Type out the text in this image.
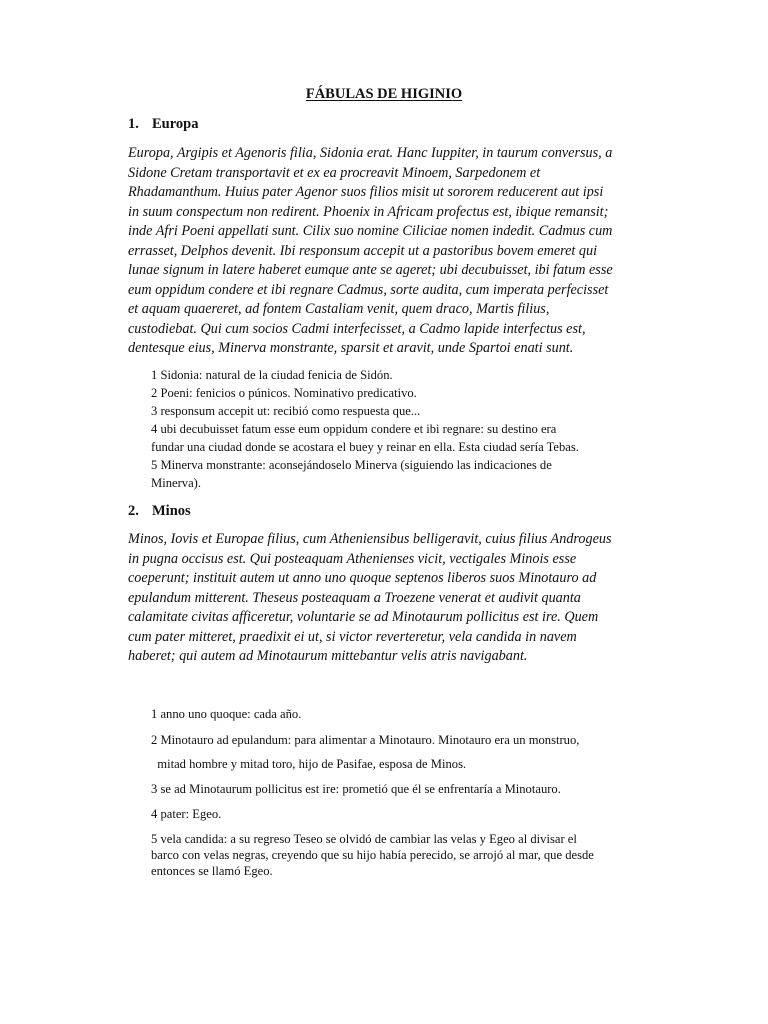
FÁBULAS DE HIGINIO
1. Europa
Europa, Argipis et Agenoris filia, Sidonia erat. Hanc Iuppiter, in taurum conversus, a
Sidone Cretam transportavit et ex ea procreavit Minoem, Sarpedonem et
Rhadamanthum. Huius pater Agenor suos filios misit ut sororem reducerent aut ipsi
in suum conspectum non redirent. Phoenix in Africam profectus est, ibique remansit;
inde Afri Poeni appellati sunt. Cilix suo nomine Ciliciae nomen indedit. Cadmus cum
errasset, Delphos devenit. Ibi responsum accepit ut a pastoribus bovem emeret qui
lunae signum in latere haberet eumque ante se ageret; ubi decubuisset, ibi fatum esse
eum oppidum condere et ibi regnare Cadmus, sorte audita, cum imperata perfecisset
et aquam quaereret, ad fontem Castaliam venit, quem draco, Martis filius,
custodiebat. Qui cum socios Cadmi interfecisset, a Cadmo lapide interfectus est,
dentesque eius, Minerva monstrante, sparsit et aravit, unde Spartoi enati sunt.
1 Sidonia: natural de la ciudad fenicia de Sidón.
2 Poeni: fenicios o púnicos. Nominativo predicativo.
3 responsum accepit ut: recibió como respuesta que...
4 ubi decubuisset fatum esse eum oppidum condere et ibi regnare: su destino era
fundar una ciudad donde se acostara el buey y reinar en ella. Esta ciudad sería Tebas.
5 Minerva monstrante: aconsejándoselo Minerva (siguiendo las indicaciones de
Minerva).
2. Minos
Minos, Iovis et Europae filius, cum Atheniensibus belligeravit, cuius filius Androgeus
in pugna occisus est. Qui posteaquam Athenienses vicit, vectigales Minois esse
coeperunt; instituit autem ut anno uno quoque septenos liberos suos Minotauro ad
epulandum mitterent. Theseus posteaquam a Troezene venerat et audivit quanta
calamitate civitas afficeretur, voluntarie se ad Minotaurum pollicitus est ire. Quem
cum pater mitteret, praedixit ei ut, si victor reverteretur, vela candida in navem
haberet; qui autem ad Minotaurum mittebantur velis atris navigabant.
1 anno uno quoque: cada año.
2 Minotauro ad epulandum: para alimentar a Minotauro. Minotauro era un monstruo,
mitad hombre y mitad toro, hijo de Pasifae, esposa de Minos.
3 se ad Minotaurum pollicitus est ire: prometió que él se enfrentaría a Minotauro.
4 pater: Egeo.
5 vela candida: a su regreso Teseo se olvidó de cambiar las velas y Egeo al divisar el
barco con velas negras, creyendo que su hijo había perecido, se arrojó al mar, que desde
entonces se llamó Egeo.
